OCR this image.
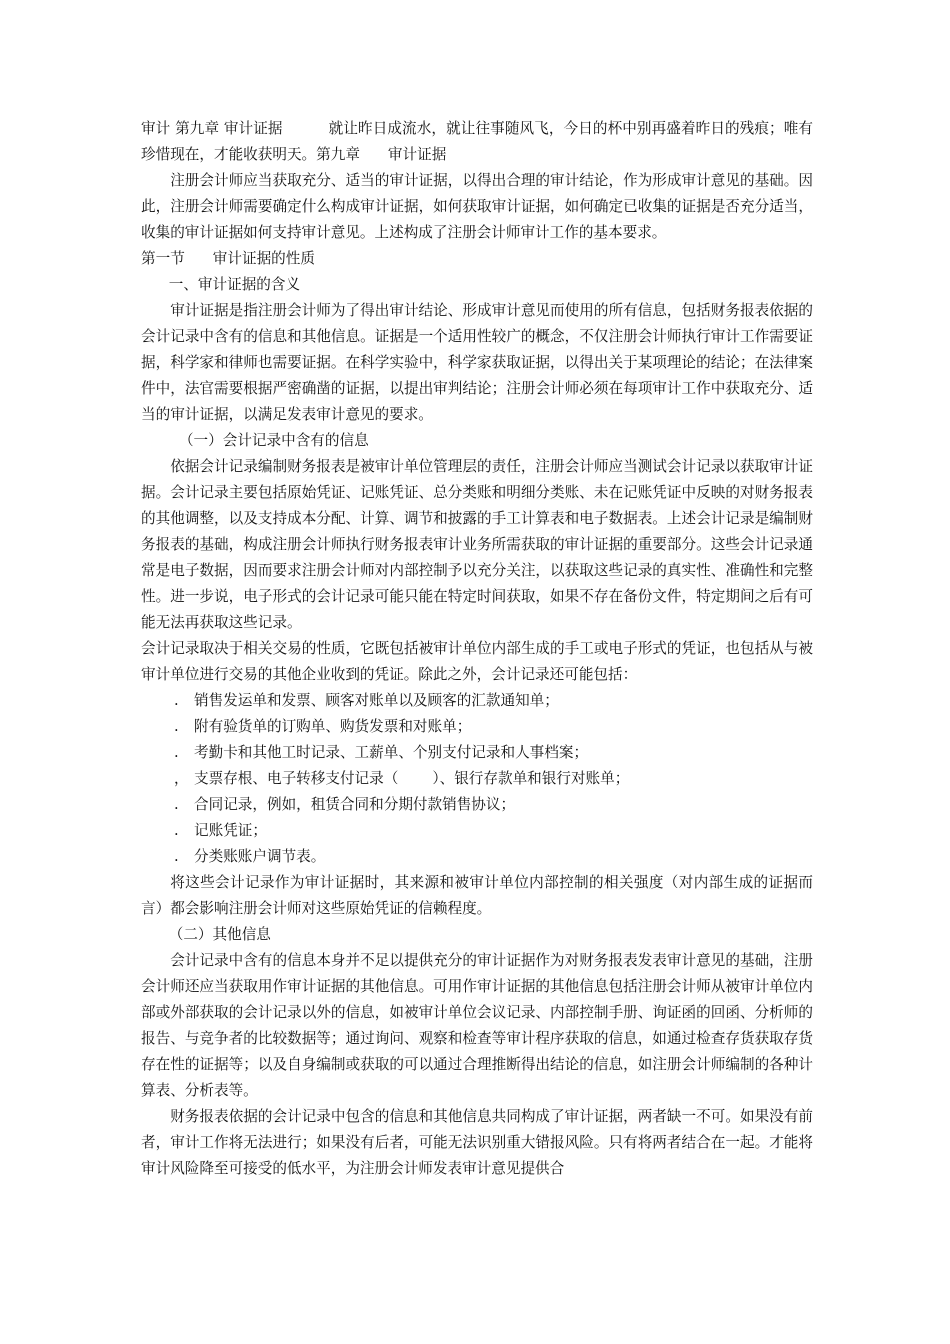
审计 第九章 审计证据	就让昨日成流水，就让往事随风飞，今日的杯中别再盛着昨日的残痕；唯有珍惜现在，才能收获明天。第九章 审计证据

注册会计师应当获取充分、适当的审计证据，以得出合理的审计结论，作为形成审计意见的基础。因此，注册会计师需要确定什么构成审计证据，如何获取审计证据，如何确定已收集的证据是否充分适当，收集的审计证据如何支持审计意见。上述构成了注册会计师审计工作的基本要求。

第一节 审计证据的性质

一、审计证据的含义

审计证据是指注册会计师为了得出审计结论、形成审计意见而使用的所有信息，包括财务报表依据的会计记录中含有的信息和其他信息。证据是一个适用性较广的概念，不仅注册会计师执行审计工作需要证据，科学家和律师也需要证据。在科学实验中，科学家获取证据，以得出关于某项理论的结论；在法律案件中，法官需要根据严密确凿的证据，以提出审判结论；注册会计师必须在每项审计工作中获取充分、适当的审计证据，以满足发表审计意见的要求。

（一）会计记录中含有的信息

依据会计记录编制财务报表是被审计单位管理层的责任，注册会计师应当测试会计记录以获取审计证据。会计记录主要包括原始凭证、记账凭证、总分类账和明细分类账、未在记账凭证中反映的对财务报表的其他调整，以及支持成本分配、计算、调节和披露的手工计算表和电子数据表。上述会计记录是编制财务报表的基础，构成注册会计师执行财务报表审计业务所需获取的审计证据的重要部分。这些会计记录通常是电子数据，因而要求注册会计师对内部控制予以充分关注，以获取这些记录的真实性、准确性和完整性。进一步说，电子形式的会计记录可能只能在特定时间获取，如果不存在备份文件，特定期间之后有可能无法再获取这些记录。

会计记录取决于相关交易的性质，它既包括被审计单位内部生成的手工或电子形式的凭证，也包括从与被审计单位进行交易的其他企业收到的凭证。除此之外，会计记录还可能包括：

. 销售发运单和发票、顾客对账单以及顾客的汇款通知单；

. 附有验货单的订购单、购货发票和对账单；

. 考勤卡和其他工时记录、工薪单、个别支付记录和人事档案；

， 支票存根、电子转移支付记录（ ）、银行存款单和银行对账单；

. 合同记录，例如，租赁合同和分期付款销售协议；

. 记账凭证；

. 分类账账户调节表。

将这些会计记录作为审计证据时，其来源和被审计单位内部控制的相关强度（对内部生成的证据而言）都会影响注册会计师对这些原始凭证的信赖程度。

（二）其他信息

会计记录中含有的信息本身并不足以提供充分的审计证据作为对财务报表发表审计意见的基础，注册会计师还应当获取用作审计证据的其他信息。可用作审计证据的其他信息包括注册会计师从被审计单位内部或外部获取的会计记录以外的信息，如被审计单位会议记录、内部控制手册、询证函的回函、分析师的报告、与竞争者的比较数据等；通过询问、观察和检查等审计程序获取的信息，如通过检查存货获取存货存在性的证据等；以及自身编制或获取的可以通过合理推断得出结论的信息，如注册会计师编制的各种计算表、分析表等。

财务报表依据的会计记录中包含的信息和其他信息共同构成了审计证据，两者缺一不可。如果没有前者，审计工作将无法进行；如果没有后者，可能无法识别重大错报风险。只有将两者结合在一起。才能将审计风险降至可接受的低水平，为注册会计师发表审计意见提供合
